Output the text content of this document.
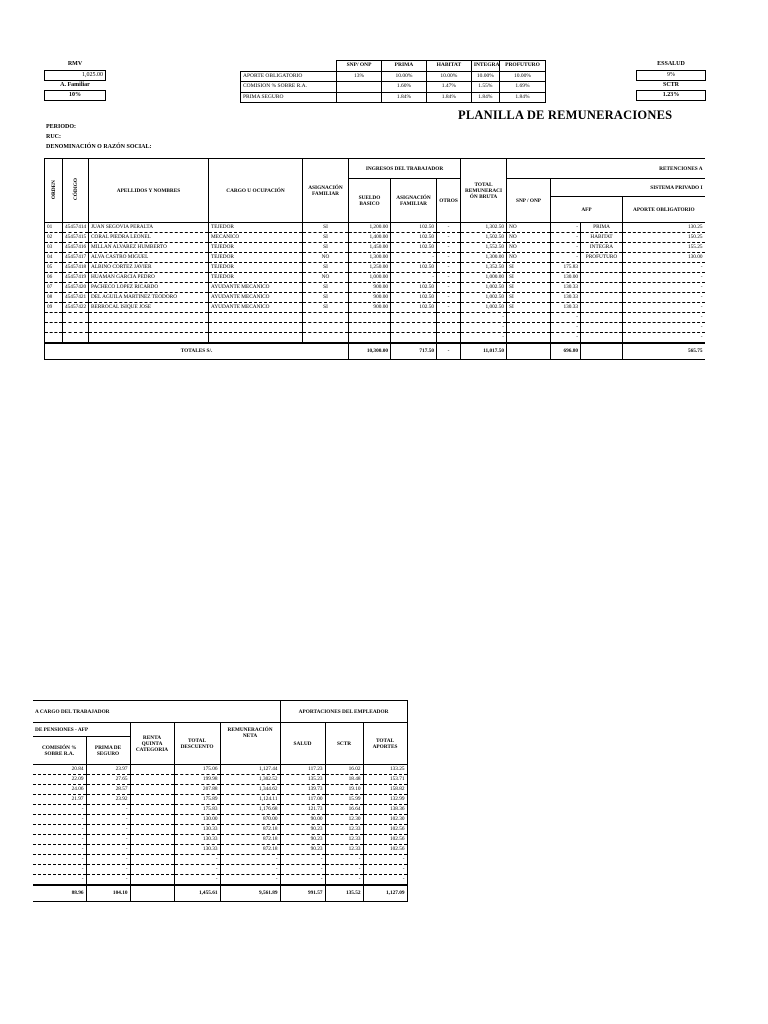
RMV
1,025.00
A. Familiar
10%
	SNP/ ONP	PRIMA	HABITAT	INTEGRA	PROFUTURO
APORTE OBLIGATORIO	13%	10.00%	10.00%	10.00%	10.00%
COMISION % SOBRE R.A.		1.60%	1.47%	1.55%	1.69%
PRIMA SEGURO		1.84%	1.84%	1.84%	1.84%
ESSALUD
9%
SCTR
1.23%
PLANILLA DE REMUNERACIONES
PERIODO:
RUC:
DENOMINACIÓN O RAZÓN SOCIAL:
ORDEN	CÓDIGO	APELLIDOS Y NOMBRES	CARGO U OCUPACIÓN	ASIGNACIÓN FAMILIAR	INGRESOS DEL TRABAJADOR			TOTAL REMUNERACI ÓN BRUTA	RETENCIONES A			
					SUELDO BASICO	ASIGNACIÓN FAMILIAR	OTROS		SNP / ONP	SISTEMA PRIVADO I		
										AFP		APORTE OBLIGATORIO
01	45457414	JUAN SEGOVIA PERALTA	TEJEDOR	SI	1,200.00	102.50	-	1,302.50	NO	-	PRIMA	130.25
02	45457415	CORAL PIEDRA LEONEL	MECANICO	SI	1,400.00	102.50	-	1,502.50	NO	-	HABITAT	150.25
03	45457416	MILLAN ALVAREZ HUMBERTO	TEJEDOR	SI	1,450.00	102.50	-	1,552.50	NO	-	INTEGRA	155.25
04	45457417	ALVA CASTRO MIGUEL	TEJEDOR	NO	1,300.00	-	-	1,300.00	NO	-	PROFUTURO	130.00
05	45457418	ALBINO CORTEZ JAVIER	TEJEDOR	SI	1,250.00	102.50	-	1,352.50	SI	175.83		-
06	45457419	HUAMAN GARCIA PEDRO	TEJEDOR	NO	1,000.00	-	-	1,000.00	SI	130.00		-
07	45457420	PACHECO LOPEZ RICARDO	AYUDANTE MECANICO	SI	900.00	102.50	-	1,002.50	SI	130.33		-
08	45457421	DEL AGUILA MARTINEZ TEODORO	AYUDANTE MECANICO	SI	900.00	102.50	-	1,002.50	SI	130.33		-
09	45457422	BERROCAL ISIQUE JOSE	AYUDANTE MECANICO	SI	900.00	102.50	-	1,002.50	SI	130.33		-
								-		-		-
								-		-		-
								-		-		-
TOTALES S/.					10,300.00	717.50	-	11,017.50		696.80		565.75
A CARGO DEL TRABAJADOR					APORTACIONES DEL EMPLEADOR		
DE PENSIONES - AFP		RENTA QUINTA CATEGORIA	TOTAL DESCUENTO	REMUNERACIÓN NETA	SALUD	SCTR	TOTAL APORTES
COMISIÓN % SOBRE R.A.	PRIMA DE SEGURO						
20.84	23.97		175.06	1,127.44	117.23	16.02	133.25
22.09	27.65		199.98	1,302.52	135.23	18.48	153.71
24.06	28.57		207.88	1,344.62	139.73	19.10	158.82
21.97	23.92		175.89	1,124.11	117.00	15.99	132.99
-	-		175.83	1,176.68	121.73	16.64	138.36
-	-		130.00	870.00	90.00	12.30	102.30
-	-		130.33	872.18	90.23	12.33	102.56
-	-		130.33	872.18	90.23	12.33	102.56
-	-		130.33	872.18	90.23	12.33	102.56
-	-		-	-	-	-	-
-	-		-	-	-	-	-
-	-		-	-	-	-	-
88.96	104.10		1,455.61	9,561.89	991.57	135.52	1,127.09
